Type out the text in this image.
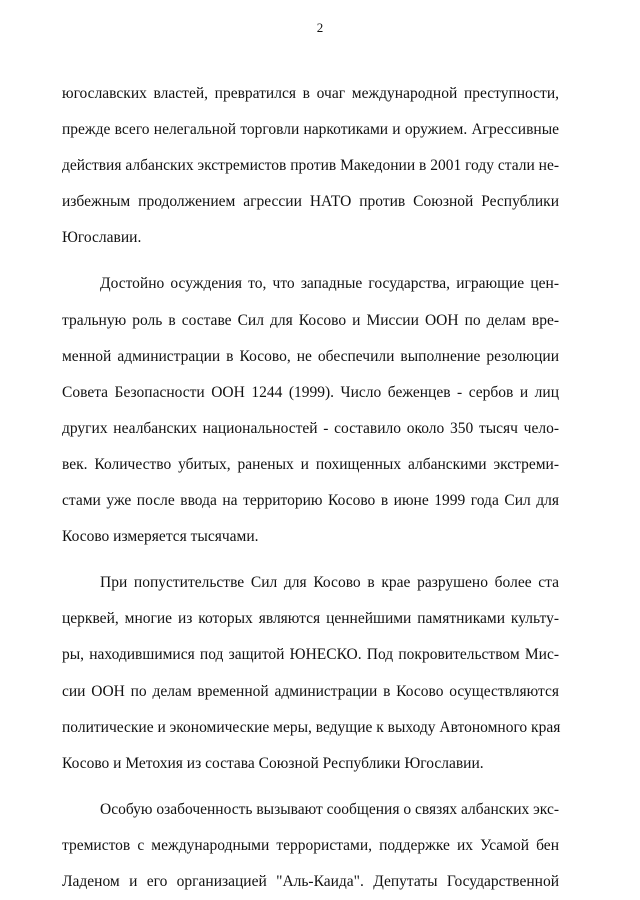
2
югославских властей, превратился в очаг международной преступности,
прежде всего нелегальной торговли наркотиками и оружием. Агрессивные
действия албанских экстремистов против Македонии в 2001 году стали не-
избежным продолжением агрессии НАТО против Союзной Республики
Югославии.
Достойно осуждения то, что западные государства, играющие цен-
тральную роль в составе Сил для Косово и Миссии ООН по делам вре-
менной администрации в Косово, не обеспечили выполнение резолюции
Совета Безопасности ООН 1244 (1999). Число беженцев - сербов и лиц
других неалбанских национальностей - составило около 350 тысяч чело-
век. Количество убитых, раненых и похищенных албанскими экстреми-
стами уже после ввода на территорию Косово в июне 1999 года Сил для
Косово измеряется тысячами.
При попустительстве Сил для Косово в крае разрушено более ста
церквей, многие из которых являются ценнейшими памятниками культу-
ры, находившимися под защитой ЮНЕСКО. Под покровительством Мис-
сии ООН по делам временной администрации в Косово осуществляются
политические и экономические меры, ведущие к выходу Автономного края
Косово и Метохия из состава Союзной Республики Югославии.
Особую озабоченность вызывают сообщения о связях албанских экс-
тремистов с международными террористами, поддержке их Усамой бен
Ладеном и его организацией "Аль-Каида". Депутаты Государственной
